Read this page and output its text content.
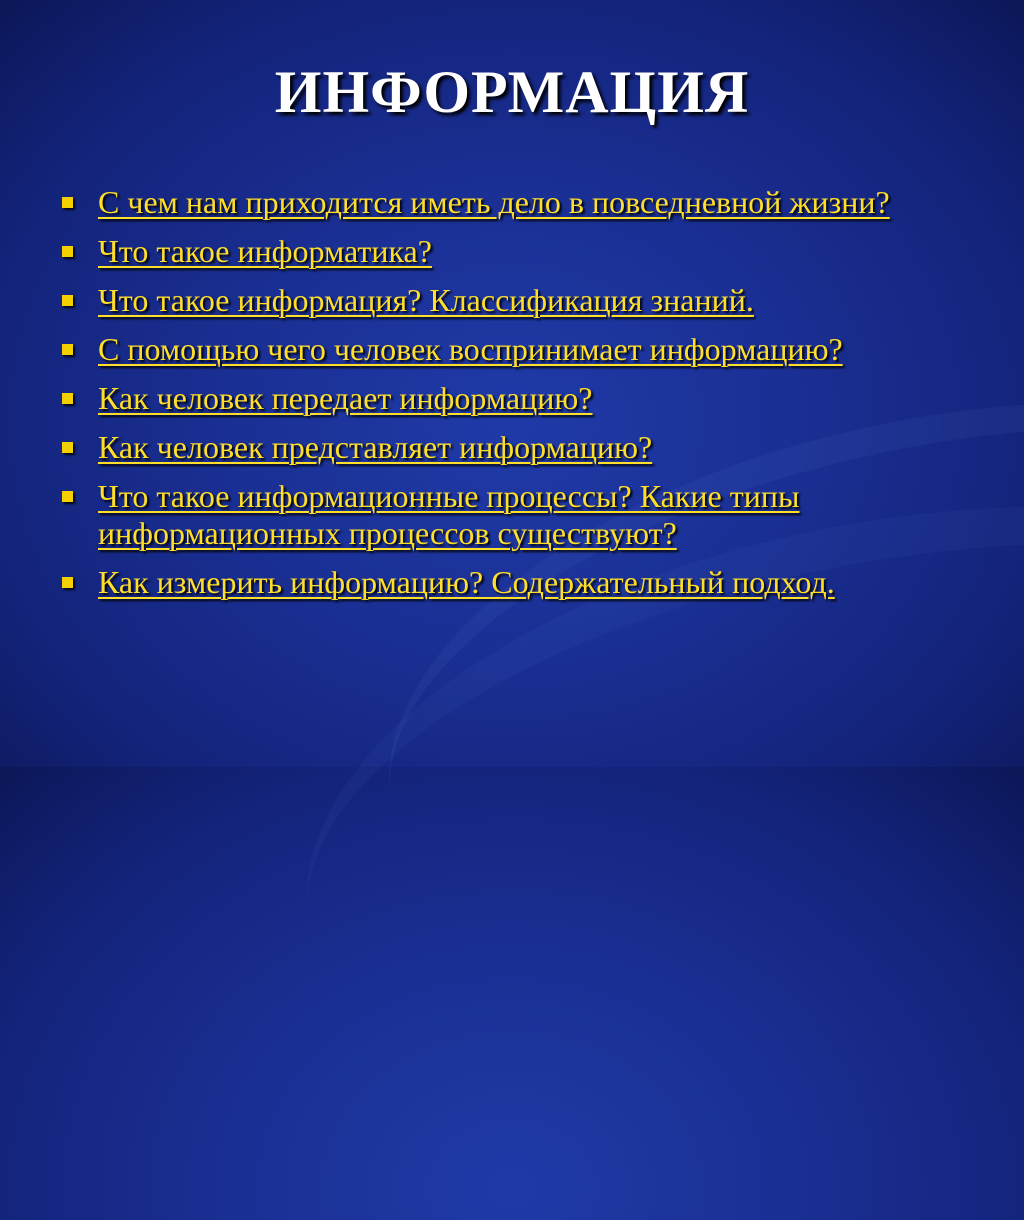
ИНФОРМАЦИЯ
С чем нам приходится иметь дело в повседневной жизни?
Что такое информатика?
Что такое информация? Классификация знаний.
С помощью чего человек воспринимает информацию?
Как человек передает информацию?
Как человек представляет информацию?
Что такое информационные процессы? Какие типы информационных процессов существуют?
Как измерить информацию? Содержательный подход.
